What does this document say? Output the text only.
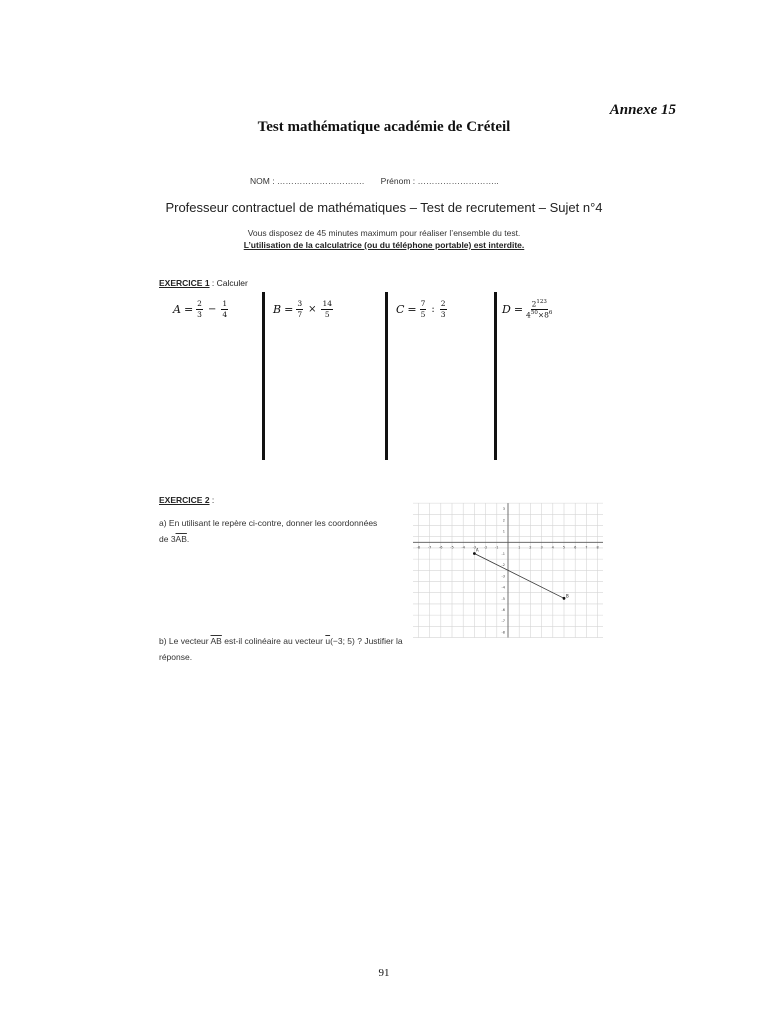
Annexe 15
Test mathématique académie de Créteil
NOM : …………………………. Prénom : ………………………..
Professeur contractuel de mathématiques – Test de recrutement – Sujet n°4
Vous disposez de 45 minutes maximum pour réaliser l’ensemble du test.
L’utilisation de la calculatrice (ou du téléphone portable) est interdite.
EXERCICE 1 : Calculer
$A = \frac{2}{3} - \frac{1}{4}$	$B = \frac{3}{7} \times \frac{14}{5}$	$C = \frac{7}{5}$ : $\frac{2}{3}$	$D = \frac{2^{123}}{4^{50}\times 8^6}$
EXERCICE 2 :
a) En utilisant le repère ci-contre, donner les coordonnées de $3\overline{AB}$.
b) Le vecteur $\overline{AB}$ est-il colinéaire au vecteur $\overline{u}(-3$; 5) ? Justifier la réponse.
-8 -7 -6 -5 -4 -3 -2 -1	1	2	3	4	5	6	7	8
3
2
1
-1
-2
-3
-4
-5
-6
-7
-8
A
B
91
